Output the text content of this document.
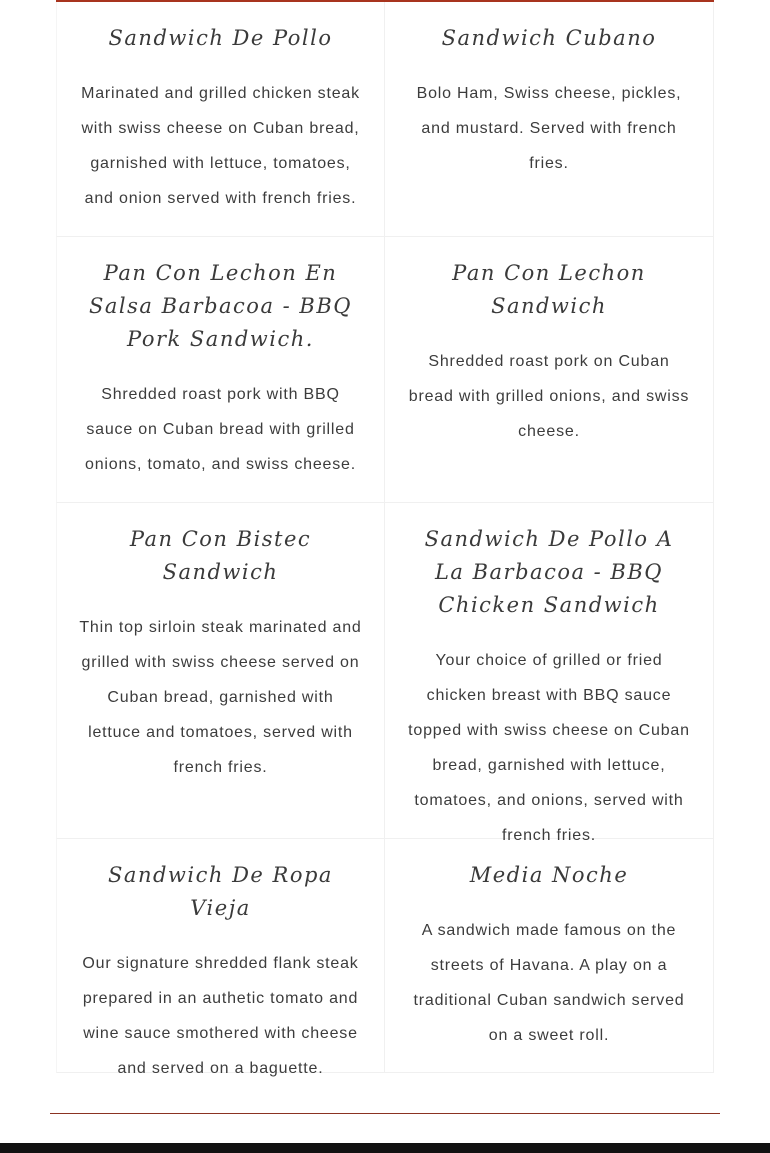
Sandwich De Pollo

Marinated and grilled chicken steak with swiss cheese on Cuban bread, garnished with lettuce, tomatoes, and onion served with french fries.

Sandwich Cubano

Bolo Ham, Swiss cheese, pickles, and mustard. Served with french fries.

Pan Con Lechon En Salsa Barbacoa - BBQ Pork Sandwich.

Shredded roast pork with BBQ sauce on Cuban bread with grilled onions, tomato, and swiss cheese.

Pan Con Lechon Sandwich

Shredded roast pork on Cuban bread with grilled onions, and swiss cheese.

Pan Con Bistec Sandwich

Thin top sirloin steak marinated and grilled with swiss cheese served on Cuban bread, garnished with lettuce and tomatoes, served with french fries.

Sandwich De Pollo A La Barbacoa - BBQ Chicken Sandwich

Your choice of grilled or fried chicken breast with BBQ sauce topped with swiss cheese on Cuban bread, garnished with lettuce, tomatoes, and onions, served with french fries.

Sandwich De Ropa Vieja

Our signature shredded flank steak prepared in an authetic tomato and wine sauce smothered with cheese and served on a baguette.

Media Noche

A sandwich made famous on the streets of Havana. A play on a traditional Cuban sandwich served on a sweet roll.
